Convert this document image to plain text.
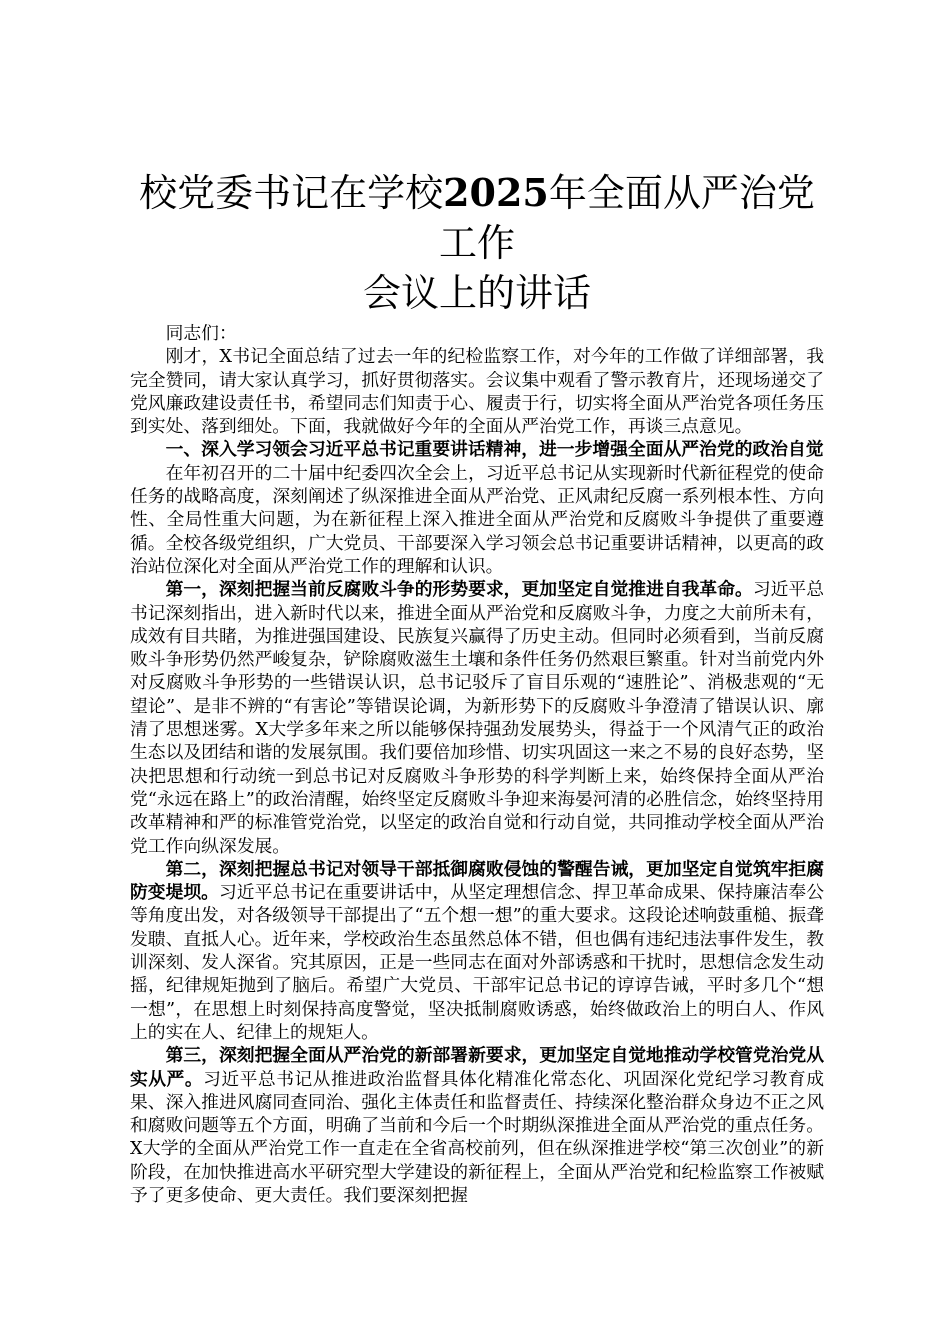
校党委书记在学校2025年全面从严治党工作
会议上的讲话

同志们：

刚才，X书记全面总结了过去一年的纪检监察工作，对今年的工作做了详细部署，我完全赞同，请大家认真学习，抓好贯彻落实。会议集中观看了警示教育片，还现场递交了党风廉政建设责任书，希望同志们知责于心、履责于行，切实将全面从严治党各项任务压到实处、落到细处。下面，我就做好今年的全面从严治党工作，再谈三点意见。

一、深入学习领会习近平总书记重要讲话精神，进一步增强全面从严治党的政治自觉

在年初召开的二十届中纪委四次全会上，习近平总书记从实现新时代新征程党的使命任务的战略高度，深刻阐述了纵深推进全面从严治党、正风肃纪反腐一系列根本性、方向性、全局性重大问题，为在新征程上深入推进全面从严治党和反腐败斗争提供了重要遵循。全校各级党组织，广大党员、干部要深入学习领会总书记重要讲话精神，以更高的政治站位深化对全面从严治党工作的理解和认识。

第一，深刻把握当前反腐败斗争的形势要求，更加坚定自觉推进自我革命。习近平总书记深刻指出，进入新时代以来，推进全面从严治党和反腐败斗争，力度之大前所未有，成效有目共睹，为推进强国建设、民族复兴赢得了历史主动。但同时必须看到，当前反腐败斗争形势仍然严峻复杂，铲除腐败滋生土壤和条件任务仍然艰巨繁重。针对当前党内外对反腐败斗争形势的一些错误认识，总书记驳斥了盲目乐观的“速胜论”、消极悲观的“无望论”、是非不辨的“有害论”等错误论调，为新形势下的反腐败斗争澄清了错误认识、廓清了思想迷雾。X大学多年来之所以能够保持强劲发展势头，得益于一个风清气正的政治生态以及团结和谐的发展氛围。我们要倍加珍惜、切实巩固这一来之不易的良好态势，坚决把思想和行动统一到总书记对反腐败斗争形势的科学判断上来，始终保持全面从严治党“永远在路上”的政治清醒，始终坚定反腐败斗争迎来海晏河清的必胜信念，始终坚持用改革精神和严的标准管党治党，以坚定的政治自觉和行动自觉，共同推动学校全面从严治党工作向纵深发展。

第二，深刻把握总书记对领导干部抵御腐败侵蚀的警醒告诫，更加坚定自觉筑牢拒腐防变堤坝。习近平总书记在重要讲话中，从坚定理想信念、捍卫革命成果、保持廉洁奉公等角度出发，对各级领导干部提出了“五个想一想”的重大要求。这段论述响鼓重槌、振聋发聩、直抵人心。近年来，学校政治生态虽然总体不错，但也偶有违纪违法事件发生，教训深刻、发人深省。究其原因，正是一些同志在面对外部诱惑和干扰时，思想信念发生动摇，纪律规矩抛到了脑后。希望广大党员、干部牢记总书记的谆谆告诫，平时多几个“想一想”，在思想上时刻保持高度警觉，坚决抵制腐败诱惑，始终做政治上的明白人、作风上的实在人、纪律上的规矩人。

第三，深刻把握全面从严治党的新部署新要求，更加坚定自觉地推动学校管党治党从实从严。习近平总书记从推进政治监督具体化精准化常态化、巩固深化党纪学习教育成果、深入推进风腐同查同治、强化主体责任和监督责任、持续深化整治群众身边不正之风和腐败问题等五个方面，明确了当前和今后一个时期纵深推进全面从严治党的重点任务。X大学的全面从严治党工作一直走在全省高校前列，但在纵深推进学校“第三次创业”的新阶段，在加快推进高水平研究型大学建设的新征程上，全面从严治党和纪检监察工作被赋予了更多使命、更大责任。我们要深刻把握
